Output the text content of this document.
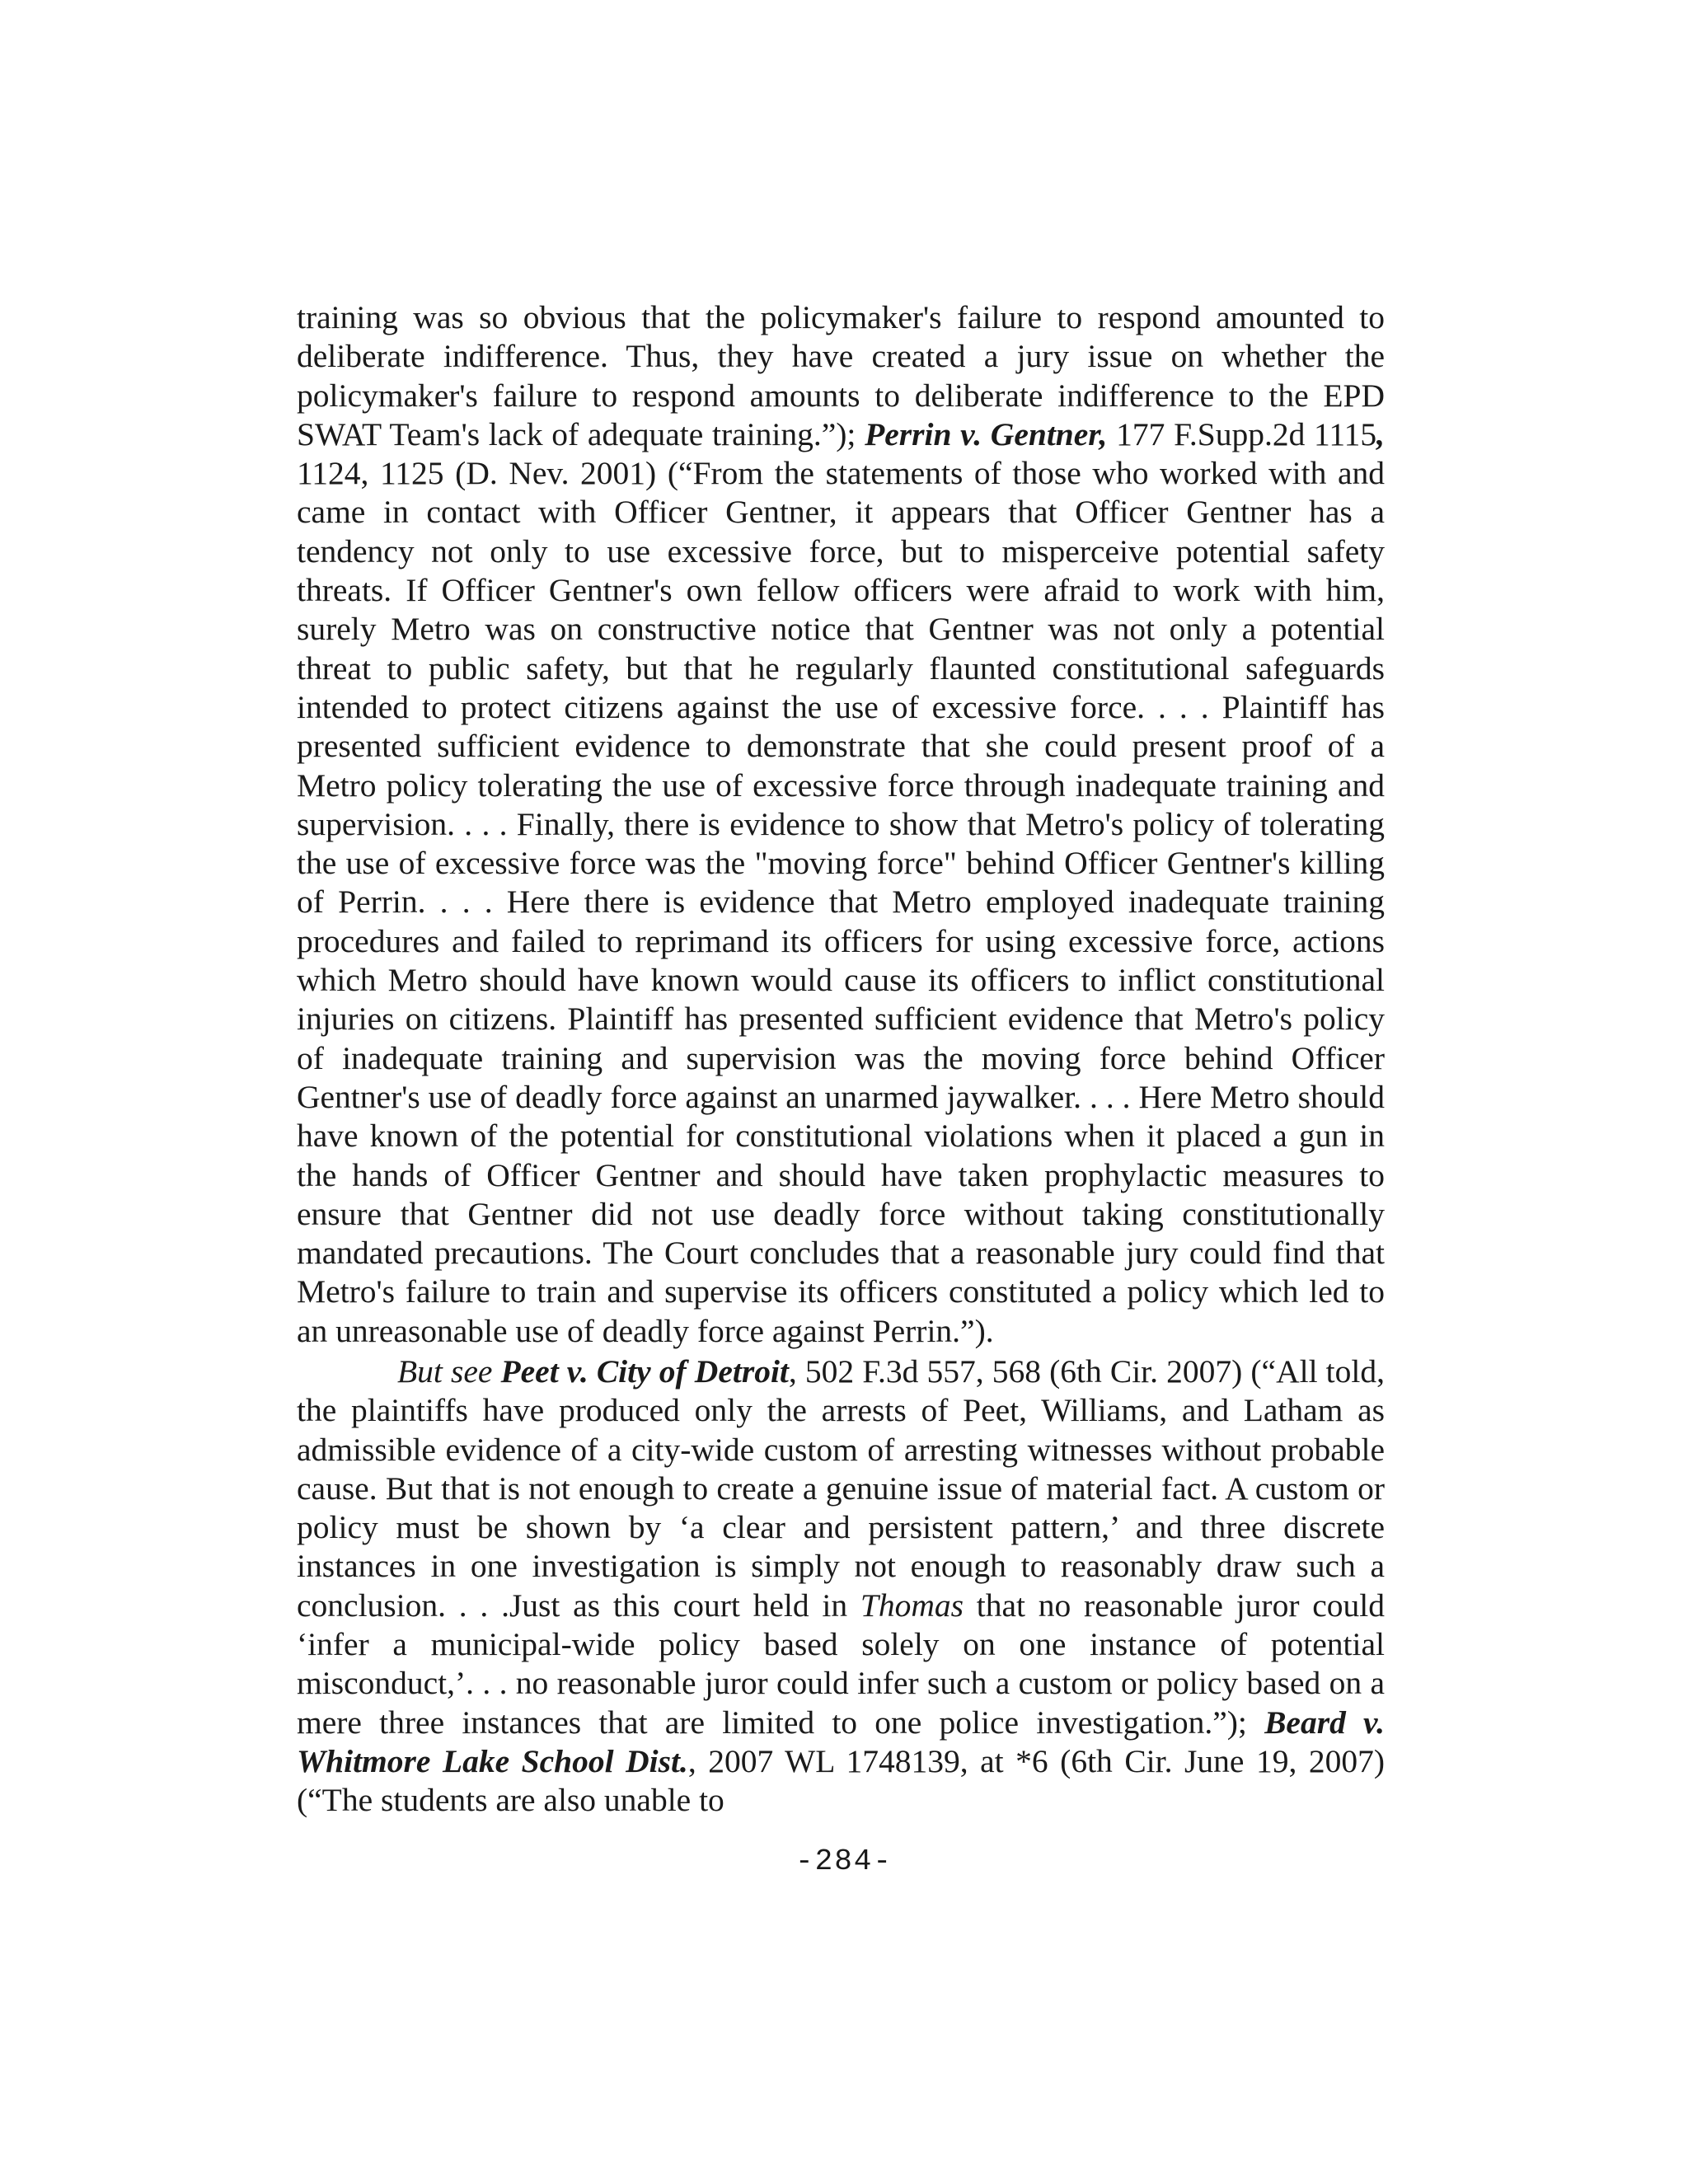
training was so obvious that the policymaker's failure to respond amounted to deliberate indifference. Thus, they have created a jury issue on whether the policymaker's failure to respond amounts to deliberate indifference to the EPD SWAT Team's lack of adequate training.”); Perrin v. Gentner, 177 F.Supp.2d 1115, 1124, 1125 (D. Nev. 2001) (“From the statements of those who worked with and came in contact with Officer Gentner, it appears that Officer Gentner has a tendency not only to use excessive force, but to misperceive potential safety threats. If Officer Gentner's own fellow officers were afraid to work with him, surely Metro was on constructive notice that Gentner was not only a potential threat to public safety, but that he regularly flaunted constitutional safeguards intended to protect citizens against the use of excessive force. . . . Plaintiff has presented sufficient evidence to demonstrate that she could present proof of a Metro policy tolerating the use of excessive force through inadequate training and supervision. . . . Finally, there is evidence to show that Metro's policy of tolerating the use of excessive force was the "moving force" behind Officer Gentner's killing of Perrin. . . . Here there is evidence that Metro employed inadequate training procedures and failed to reprimand its officers for using excessive force, actions which Metro should have known would cause its officers to inflict constitutional injuries on citizens. Plaintiff has presented sufficient evidence that Metro's policy of inadequate training and supervision was the moving force behind Officer Gentner's use of deadly force against an unarmed jaywalker. . . . Here Metro should have known of the potential for constitutional violations when it placed a gun in the hands of Officer Gentner and should have taken prophylactic measures to ensure that Gentner did not use deadly force without taking constitutionally mandated precautions. The Court concludes that a reasonable jury could find that Metro's failure to train and supervise its officers constituted a policy which led to an unreasonable use of deadly force against Perrin.”).

But see Peet v. City of Detroit, 502 F.3d 557, 568 (6th Cir. 2007) (“All told, the plaintiffs have produced only the arrests of Peet, Williams, and Latham as admissible evidence of a city-wide custom of arresting witnesses without probable cause. But that is not enough to create a genuine issue of material fact. A custom or policy must be shown by ‘a clear and persistent pattern,’ and three discrete instances in one investigation is simply not enough to reasonably draw such a conclusion. . . .Just as this court held in Thomas that no reasonable juror could ‘infer a municipal-wide policy based solely on one instance of potential misconduct,’. . . no reasonable juror could infer such a custom or policy based on a mere three instances that are limited to one police investigation.”); Beard v. Whitmore Lake School Dist., 2007 WL 1748139, at *6 (6th Cir. June 19, 2007) (“The students are also unable to

-284-
